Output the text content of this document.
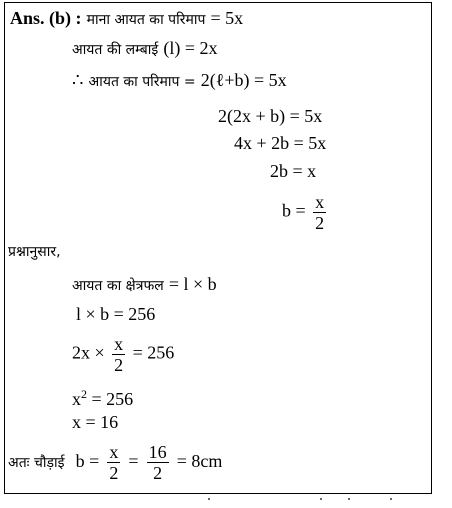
Ans. (b) : माना आयत का परिमाप = 5x
आयत की लम्बाई (l) = 2x
∴ आयत का परिमाप = 2(ℓ+b) = 5x
2(2x + b) = 5x
4x + 2b = 5x
2b = x
$b = \frac{x}{2}$
प्रश्नानुसार,
आयत का क्षेत्रफल = l × b
l × b = 256
$2x \times \frac{x}{2} = 256$
$x^2 = 256$
x = 16
अतः चौड़ाई $b = \frac{x}{2} = \frac{16}{2} = 8cm$
